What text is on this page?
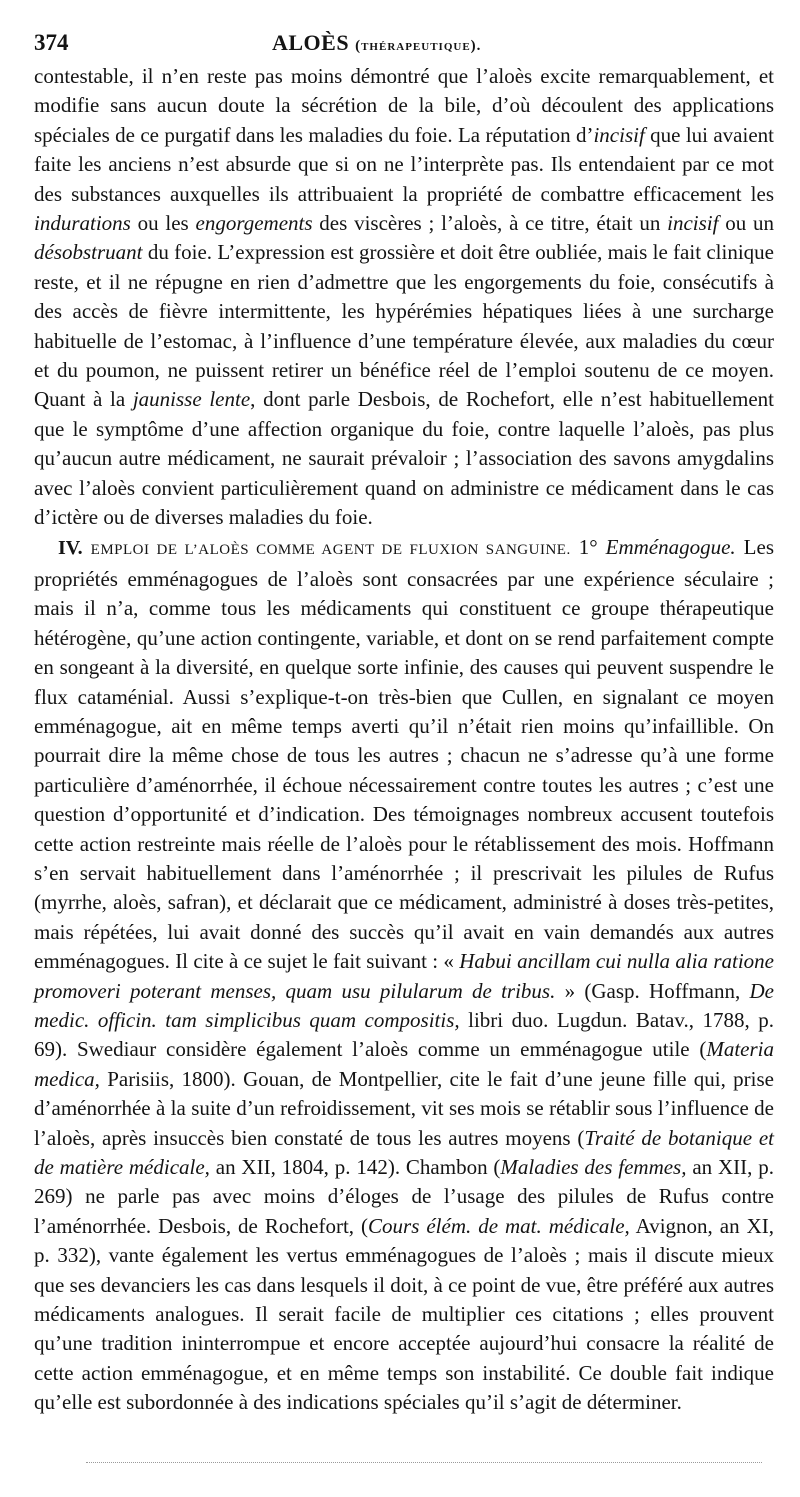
374	ALOÈS (thérapeutique).

contestable, il n’en reste pas moins démontré que l’aloès excite remarquablement, et modifie sans aucun doute la sécrétion de la bile, d’où découlent des applications spéciales de ce purgatif dans les maladies du foie. La réputation d’incisif que lui avaient faite les anciens n’est absurde que si on ne l’interprète pas. Ils entendaient par ce mot des substances auxquelles ils attribuaient la propriété de combattre efficacement les indurations ou les engorgements des viscères ; l’aloès, à ce titre, était un incisif ou un désobstruant du foie. L’expression est grossière et doit être oubliée, mais le fait clinique reste, et il ne répugne en rien d’admettre que les engorgements du foie, consécutifs à des accès de fièvre intermittente, les hypérémies hépatiques liées à une surcharge habituelle de l’estomac, à l’influence d’une température élevée, aux maladies du cœur et du poumon, ne puissent retirer un bénéfice réel de l’emploi soutenu de ce moyen. Quant à la jaunisse lente, dont parle Desbois, de Rochefort, elle n’est habituellement que le symptôme d’une affection organique du foie, contre laquelle l’aloès, pas plus qu’aucun autre médicament, ne saurait prévaloir ; l’association des savons amygdalins avec l’aloès convient particulièrement quand on administre ce médicament dans le cas d’ictère ou de diverses maladies du foie.

IV. EMPLOI DE L’ALOÈS COMME AGENT DE FLUXION SANGUINE. 1° Emménagogue. Les propriétés emménagogues de l’aloès sont consacrées par une expérience séculaire ; mais il n’a, comme tous les médicaments qui constituent ce groupe thérapeutique hétérogène, qu’une action contingente, variable, et dont on se rend parfaitement compte en songeant à la diversité, en quelque sorte infinie, des causes qui peuvent suspendre le flux cataménial. Aussi s’explique-t-on très-bien que Cullen, en signalant ce moyen emménagogue, ait en même temps averti qu’il n’était rien moins qu’infaillible. On pourrait dire la même chose de tous les autres ; chacun ne s’adresse qu’à une forme particulière d’aménorrhée, il échoue nécessairement contre toutes les autres ; c’est une question d’opportunité et d’indication. Des témoignages nombreux accusent toutefois cette action restreinte mais réelle de l’aloès pour le rétablissement des mois. Hoffmann s’en servait habituellement dans l’aménorrhée ; il prescrivait les pilules de Rufus (myrrhe, aloès, safran), et déclarait que ce médicament, administré à doses très-petites, mais répétées, lui avait donné des succès qu’il avait en vain demandés aux autres emménagogues. Il cite à ce sujet le fait suivant : « Habui ancillam cui nulla alia ratione promoveri poterant menses, quam usu pilularum de tribus. » (Gasp. Hoffmann, De medic. officin. tam simplicibus quam compositis, libri duo. Lugdun. Batav., 1788, p. 69). Swediaur considère également l’aloès comme un emménagogue utile (Materia medica, Parisiis, 1800). Gouan, de Montpellier, cite le fait d’une jeune fille qui, prise d’aménorrhée à la suite d’un refroidissement, vit ses mois se rétablir sous l’influence de l’aloès, après insuccès bien constaté de tous les autres moyens (Traité de botanique et de matière médicale, an XII, 1804, p. 142). Chambon (Maladies des femmes, an XII, p. 269) ne parle pas avec moins d’éloges de l’usage des pilules de Rufus contre l’aménorrhée. Desbois, de Rochefort, (Cours élém. de mat. médicale, Avignon, an XI, p. 332), vante également les vertus emménagogues de l’aloès ; mais il discute mieux que ses devanciers les cas dans lesquels il doit, à ce point de vue, être préféré aux autres médicaments analogues. Il serait facile de multiplier ces citations ; elles prouvent qu’une tradition ininterrompue et encore acceptée aujourd’hui consacre la réalité de cette action emménagogue, et en même temps son instabilité. Ce double fait indique qu’elle est subordonnée à des indications spéciales qu’il s’agit de déterminer.
